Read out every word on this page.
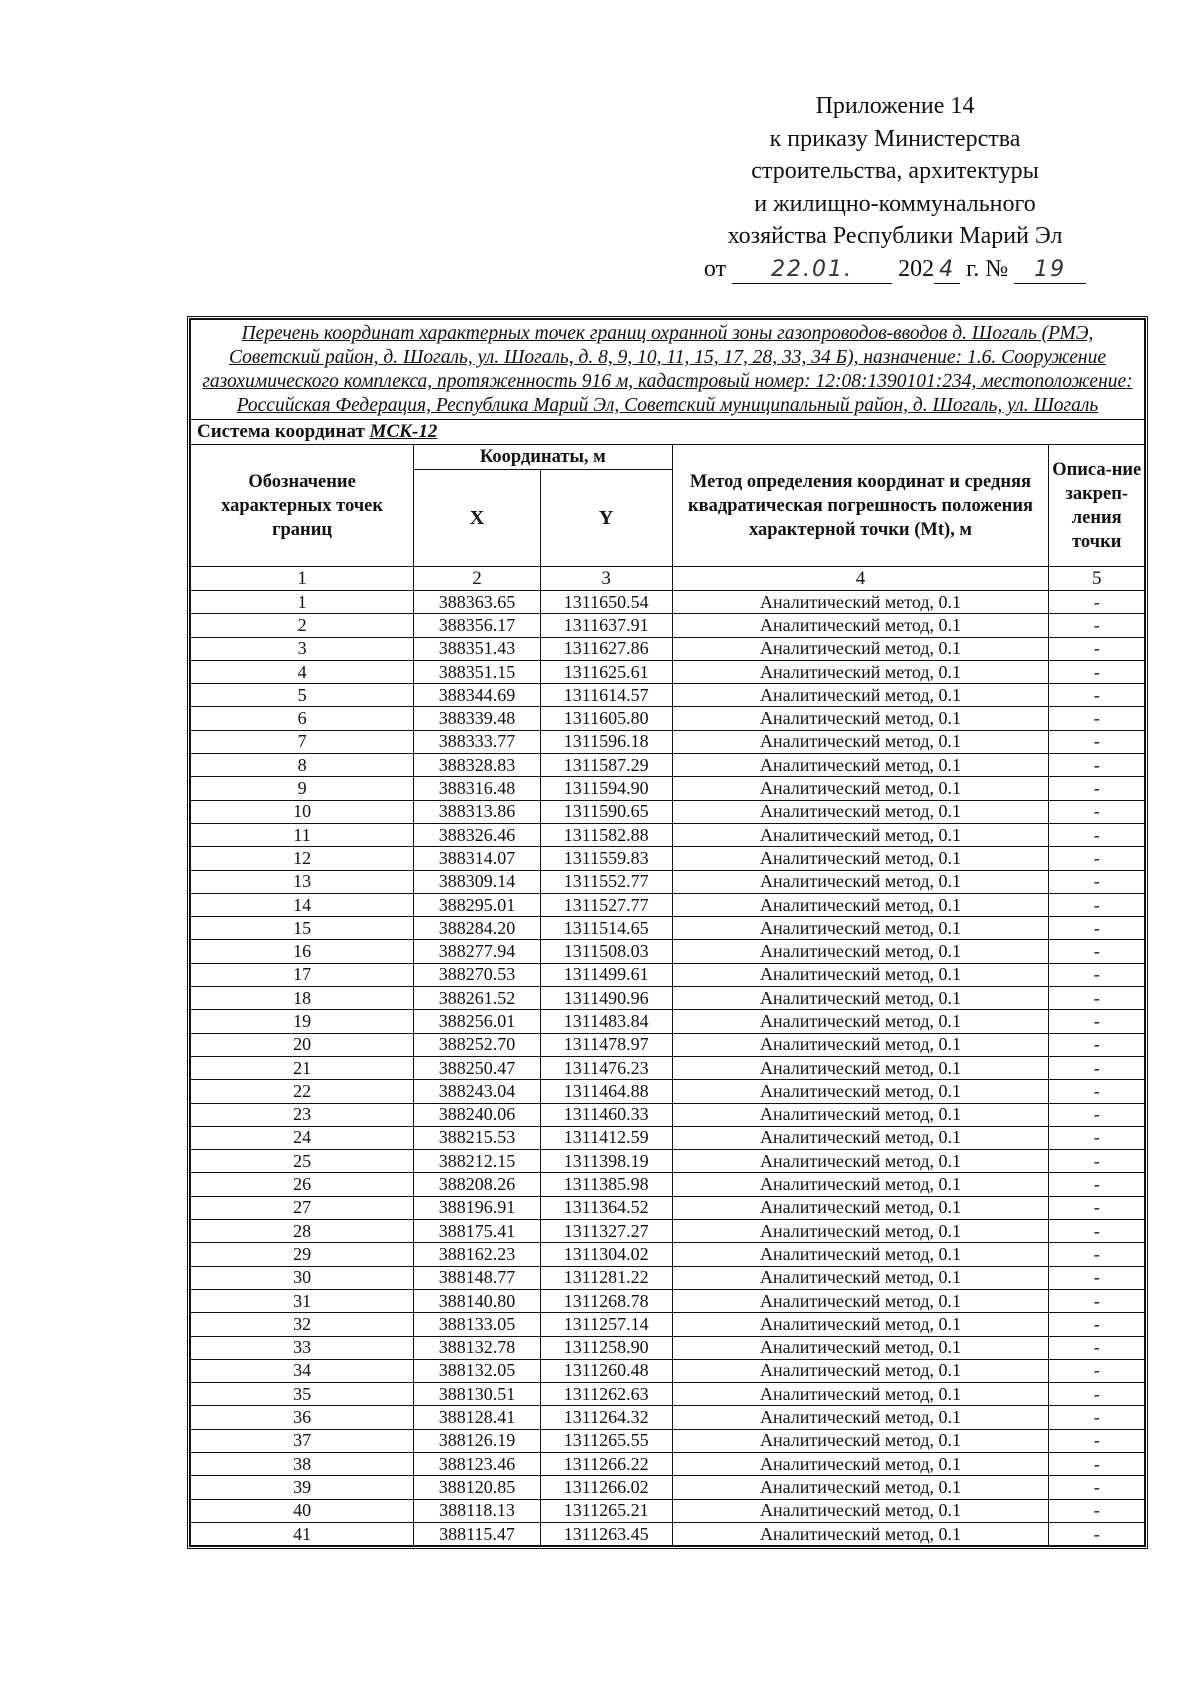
Приложение 14
к приказу Министерства
строительства, архитектуры
и жилищно-коммунального
хозяйства Республики Марий Эл
от 22.01. 202 4 г. № 19
Перечень координат характерных точек границ охранной зоны газопроводов-вводов д. Шогаль (РМЭ, Советский район, д. Шогаль, ул. Шогаль, д. 8, 9, 10, 11, 15, 17, 28, 33, 34 Б), назначение: 1.6. Сооружение газохимического комплекса, протяженность 916 м, кадастровый номер: 12:08:1390101:234, местоположение: Российская Федерация, Республика Марий Эл, Советский муниципальный район, д. Шогаль, ул. Шогаль				
Система координат МСК-12				
Обозначение характерных точек границ	Координаты, м		Метод определения координат и средняя квадратическая погрешность положения характерной точки (Mt), м	Описа-ние закреп-ления точки
	X	Y		
1	2	3	4	5
1	388363.65	1311650.54	Аналитический метод, 0.1	-
2	388356.17	1311637.91	Аналитический метод, 0.1	-
3	388351.43	1311627.86	Аналитический метод, 0.1	-
4	388351.15	1311625.61	Аналитический метод, 0.1	-
5	388344.69	1311614.57	Аналитический метод, 0.1	-
6	388339.48	1311605.80	Аналитический метод, 0.1	-
7	388333.77	1311596.18	Аналитический метод, 0.1	-
8	388328.83	1311587.29	Аналитический метод, 0.1	-
9	388316.48	1311594.90	Аналитический метод, 0.1	-
10	388313.86	1311590.65	Аналитический метод, 0.1	-
11	388326.46	1311582.88	Аналитический метод, 0.1	-
12	388314.07	1311559.83	Аналитический метод, 0.1	-
13	388309.14	1311552.77	Аналитический метод, 0.1	-
14	388295.01	1311527.77	Аналитический метод, 0.1	-
15	388284.20	1311514.65	Аналитический метод, 0.1	-
16	388277.94	1311508.03	Аналитический метод, 0.1	-
17	388270.53	1311499.61	Аналитический метод, 0.1	-
18	388261.52	1311490.96	Аналитический метод, 0.1	-
19	388256.01	1311483.84	Аналитический метод, 0.1	-
20	388252.70	1311478.97	Аналитический метод, 0.1	-
21	388250.47	1311476.23	Аналитический метод, 0.1	-
22	388243.04	1311464.88	Аналитический метод, 0.1	-
23	388240.06	1311460.33	Аналитический метод, 0.1	-
24	388215.53	1311412.59	Аналитический метод, 0.1	-
25	388212.15	1311398.19	Аналитический метод, 0.1	-
26	388208.26	1311385.98	Аналитический метод, 0.1	-
27	388196.91	1311364.52	Аналитический метод, 0.1	-
28	388175.41	1311327.27	Аналитический метод, 0.1	-
29	388162.23	1311304.02	Аналитический метод, 0.1	-
30	388148.77	1311281.22	Аналитический метод, 0.1	-
31	388140.80	1311268.78	Аналитический метод, 0.1	-
32	388133.05	1311257.14	Аналитический метод, 0.1	-
33	388132.78	1311258.90	Аналитический метод, 0.1	-
34	388132.05	1311260.48	Аналитический метод, 0.1	-
35	388130.51	1311262.63	Аналитический метод, 0.1	-
36	388128.41	1311264.32	Аналитический метод, 0.1	-
37	388126.19	1311265.55	Аналитический метод, 0.1	-
38	388123.46	1311266.22	Аналитический метод, 0.1	-
39	388120.85	1311266.02	Аналитический метод, 0.1	-
40	388118.13	1311265.21	Аналитический метод, 0.1	-
41	388115.47	1311263.45	Аналитический метод, 0.1	-
